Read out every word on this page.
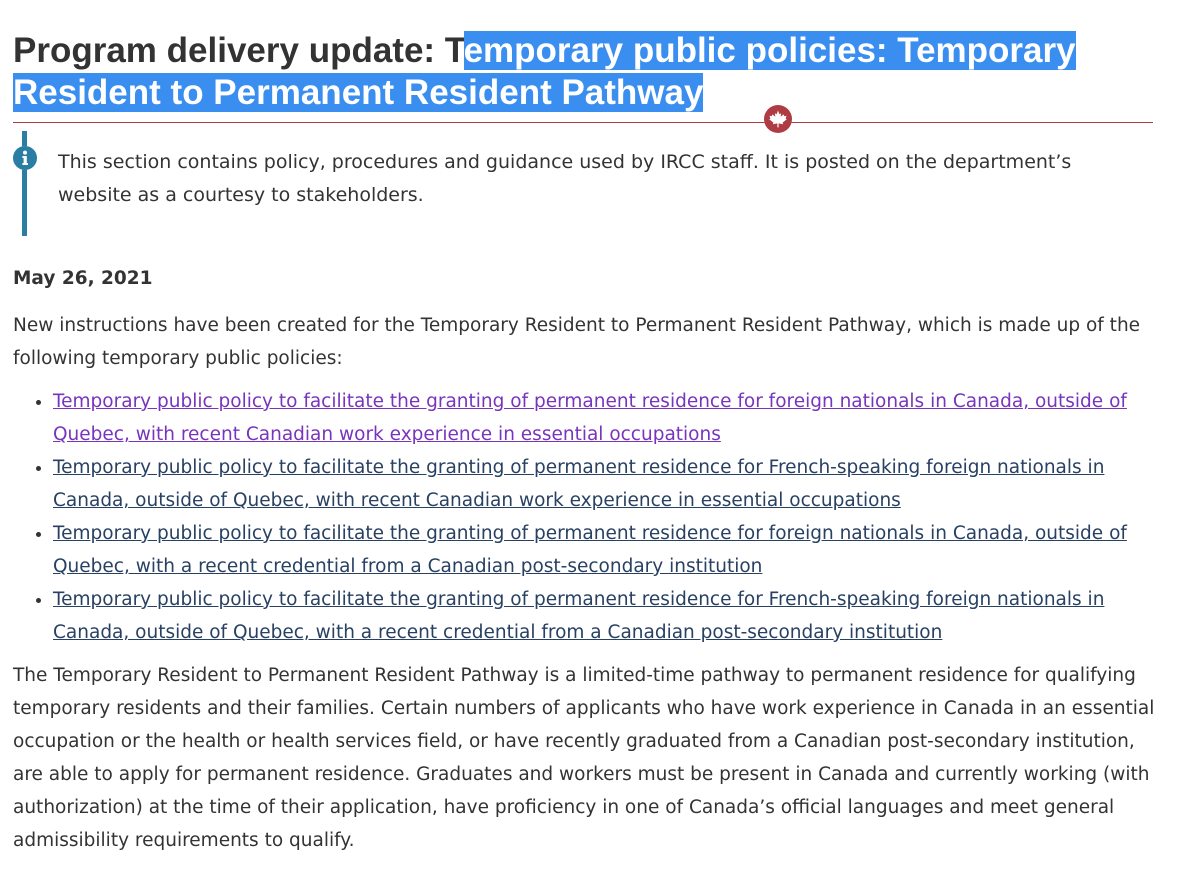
Program delivery update: Temporary public policies: Temporary
Resident to Permanent Resident Pathway
This section contains policy, procedures and guidance used by IRCC staff. It is posted on the department’s website as a courtesy to stakeholders.
May 26, 2021

New instructions have been created for the Temporary Resident to Permanent Resident Pathway, which is made up of the following temporary public policies:

• Temporary public policy to facilitate the granting of permanent residence for foreign nationals in Canada, outside of Quebec, with recent Canadian work experience in essential occupations
• Temporary public policy to facilitate the granting of permanent residence for French-speaking foreign nationals in Canada, outside of Quebec, with recent Canadian work experience in essential occupations
• Temporary public policy to facilitate the granting of permanent residence for foreign nationals in Canada, outside of Quebec, with a recent credential from a Canadian post-secondary institution
• Temporary public policy to facilitate the granting of permanent residence for French-speaking foreign nationals in Canada, outside of Quebec, with a recent credential from a Canadian post-secondary institution

The Temporary Resident to Permanent Resident Pathway is a limited-time pathway to permanent residence for qualifying temporary residents and their families. Certain numbers of applicants who have work experience in Canada in an essential occupation or the health or health services field, or have recently graduated from a Canadian post-secondary institution, are able to apply for permanent residence. Graduates and workers must be present in Canada and currently working (with authorization) at the time of their application, have proficiency in one of Canada’s official languages and meet general admissibility requirements to qualify.
